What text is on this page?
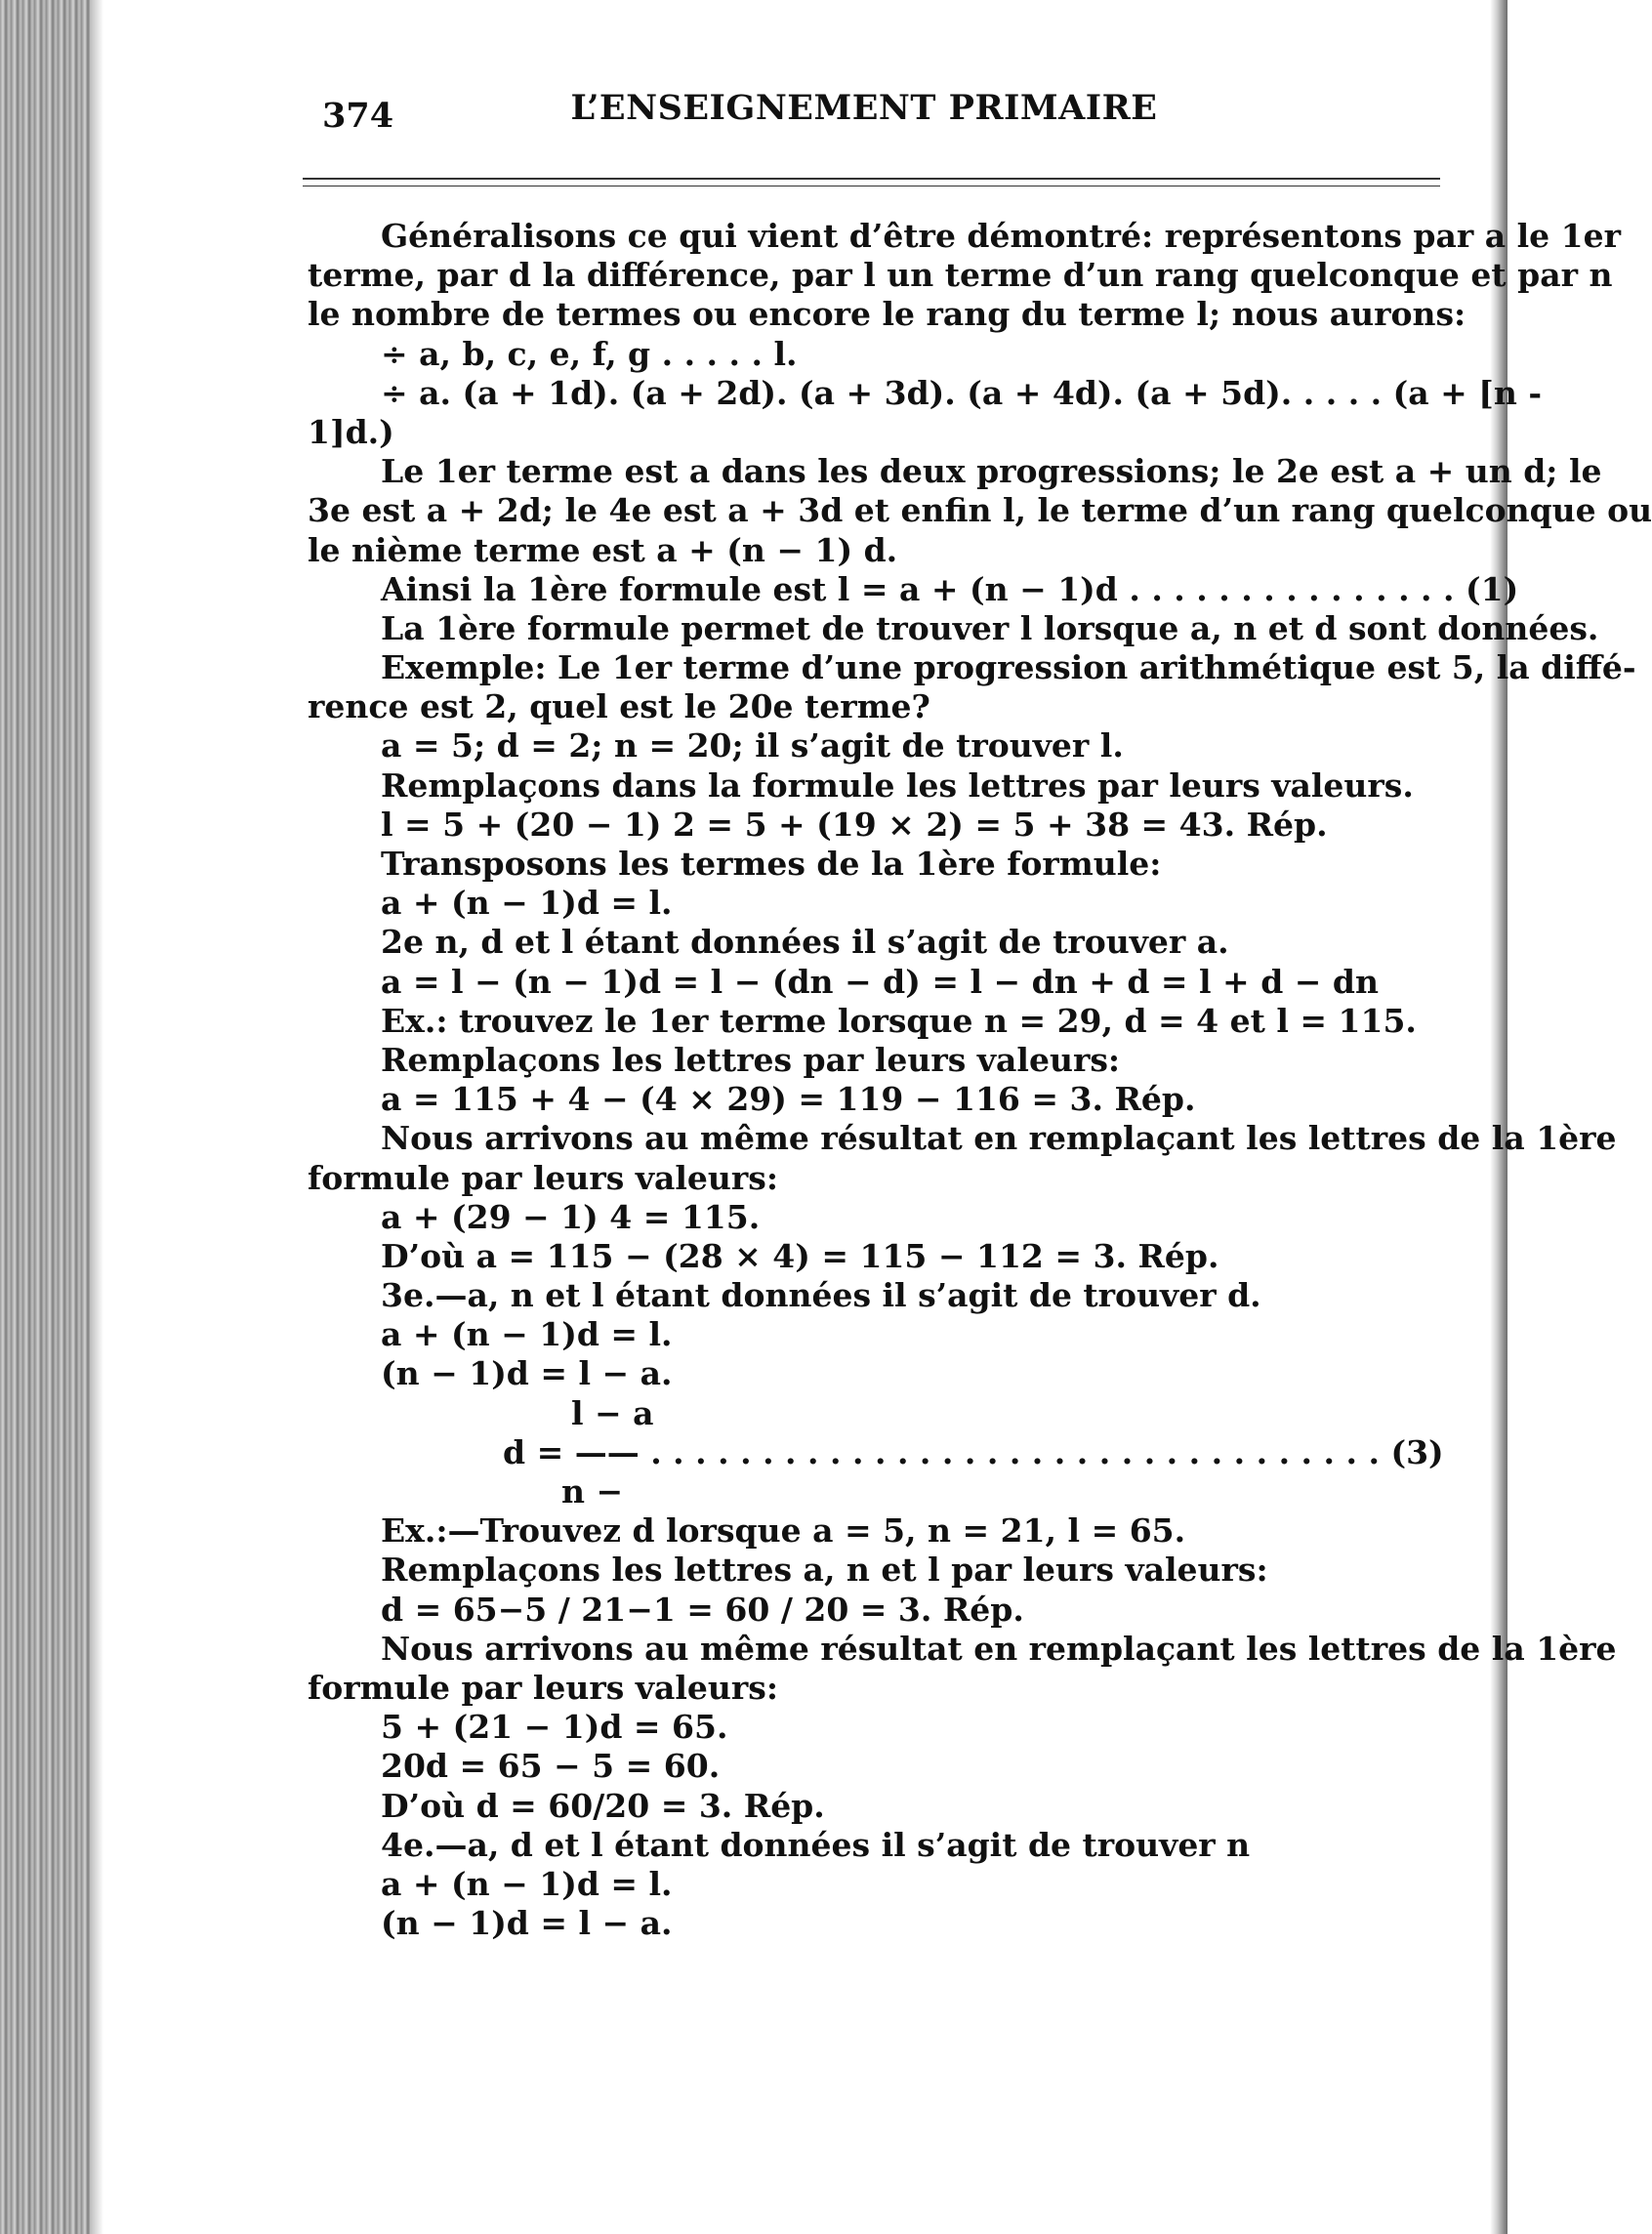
374	L’ENSEIGNEMENT PRIMAIRE
Généralisons ce qui vient d’être démontré: représentons par a le 1er
terme, par d la différence, par l un terme d’un rang quelconque et par n
le nombre de termes ou encore le rang du terme l; nous aurons:
÷ a, b, c, e, f, g . . . . . l.
÷ a. (a + 1d). (a + 2d). (a + 3d). (a + 4d). (a + 5d). . . . . (a + [n -
1]d.)
Le 1er terme est a dans les deux progressions; le 2e est a + un d; le
3e est a + 2d; le 4e est a + 3d et enfin l, le terme d’un rang quelconque ou
le nième terme est a + (n − 1) d.
Ainsi la 1ère formule est l = a + (n − 1)d . . . . . . . . . . . . . . . (1)
La 1ère formule permet de trouver l lorsque a, n et d sont données.
Exemple: Le 1er terme d’une progression arithmétique est 5, la diffé-
rence est 2, quel est le 20e terme?
a = 5; d = 2; n = 20; il s’agit de trouver l.
Remplaçons dans la formule les lettres par leurs valeurs.
l = 5 + (20 − 1) 2 = 5 + (19 × 2) = 5 + 38 = 43. Rép.
Transposons les termes de la 1ère formule:
a + (n − 1)d = l.
2e n, d et l étant données il s’agit de trouver a.
a = l − (n − 1)d = l − (dn − d) = l − dn + d = l + d − dn
Ex.: trouvez le 1er terme lorsque n = 29, d = 4 et l = 115.
Remplaçons les lettres par leurs valeurs:
a = 115 + 4 − (4 × 29) = 119 − 116 = 3. Rép.
Nous arrivons au même résultat en remplaçant les lettres de la 1ère
formule par leurs valeurs:
a + (29 − 1) 4 = 115.
D’où a = 115 − (28 × 4) = 115 − 112 = 3. Rép.
3e.—a, n et l étant données il s’agit de trouver d.
a + (n − 1)d = l.
(n − 1)d = l − a.
l − a
d = —— . . . . . . . . . . . . . . . . . . . . . . . . . . . . . . . . . (3)
n −
Ex.:—Trouvez d lorsque a = 5, n = 21, l = 65.
Remplaçons les lettres a, n et l par leurs valeurs:
d = 65−5 / 21−1 = 60 / 20 = 3. Rép.
Nous arrivons au même résultat en remplaçant les lettres de la 1ère
formule par leurs valeurs:
5 + (21 − 1)d = 65.
20d = 65 − 5 = 60.
D’où d = 60/20 = 3. Rép.
4e.—a, d et l étant données il s’agit de trouver n
a + (n − 1)d = l.
(n − 1)d = l − a.
